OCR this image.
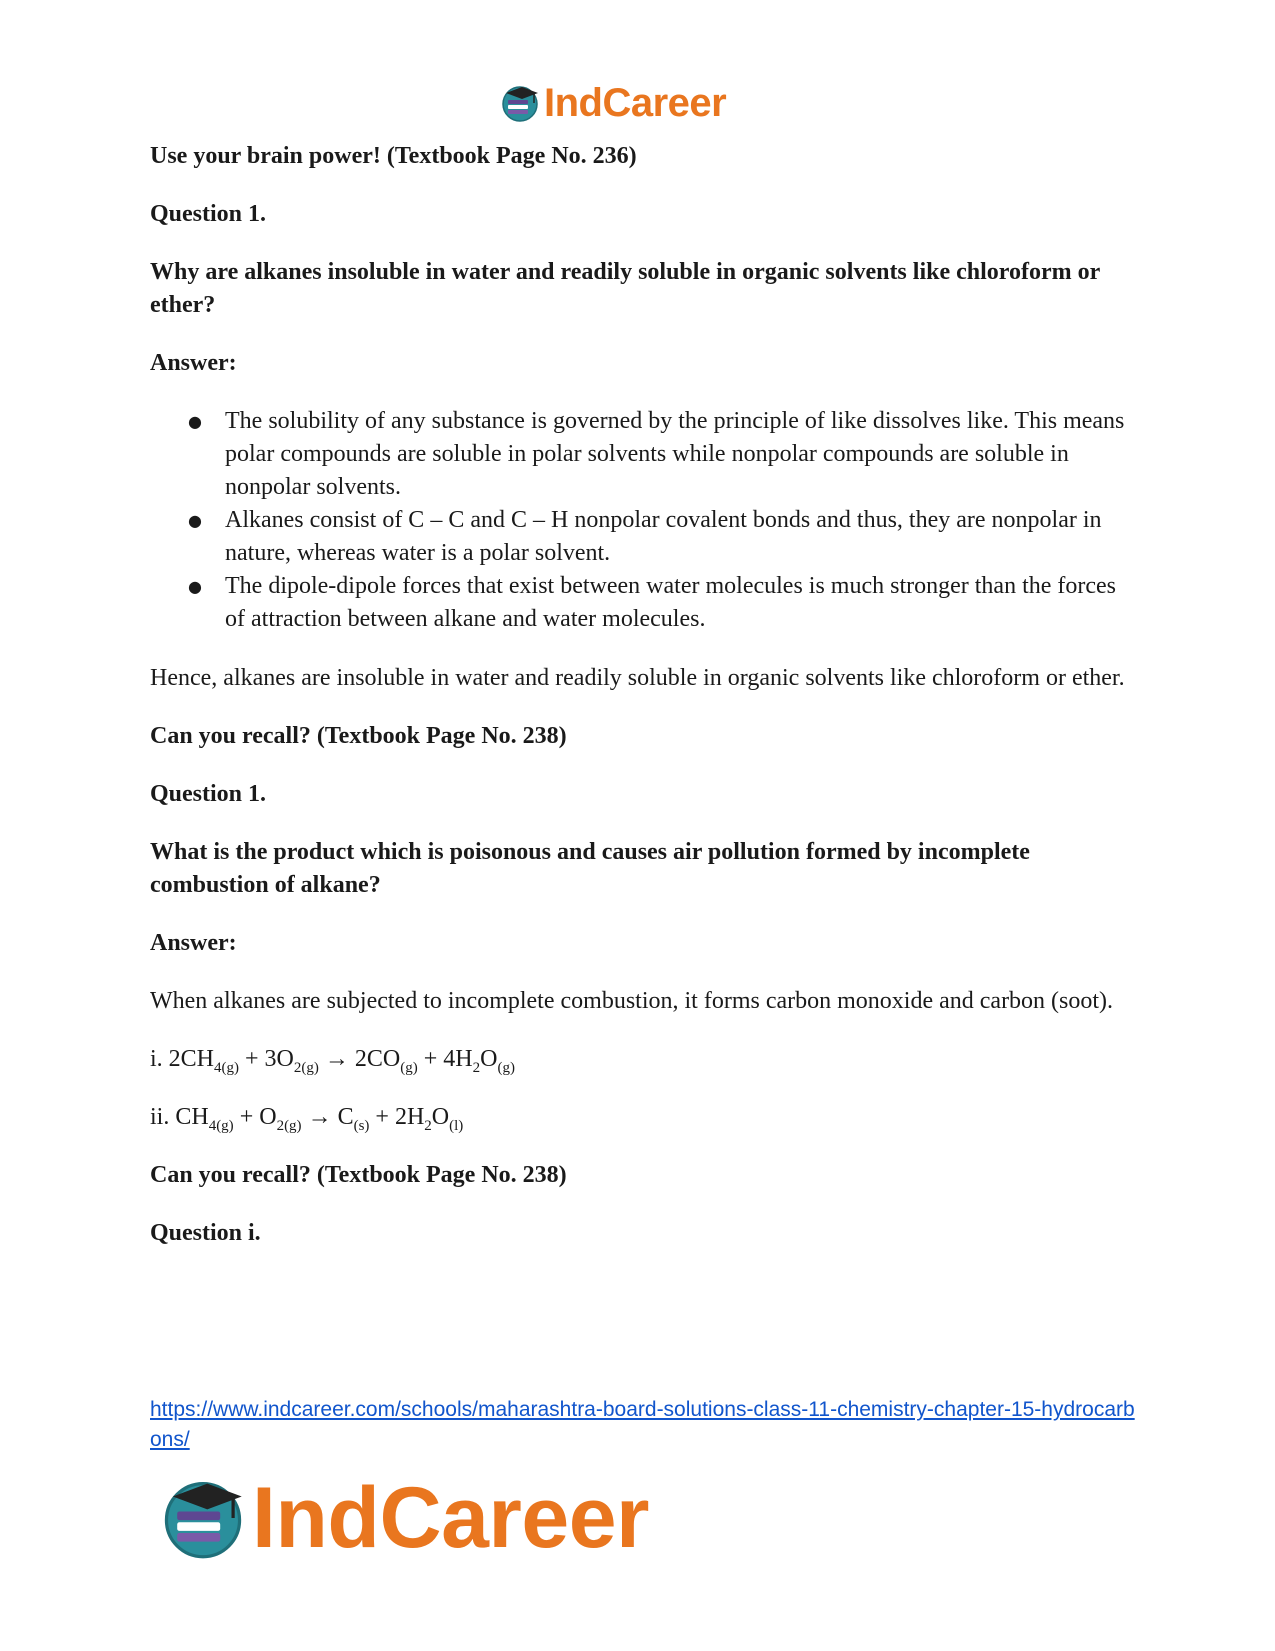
IndCareer

Use your brain power! (Textbook Page No. 236)

Question 1.

Why are alkanes insoluble in water and readily soluble in organic solvents like chloroform or ether?

Answer:

● The solubility of any substance is governed by the principle of like dissolves like. This means polar compounds are soluble in polar solvents while nonpolar compounds are soluble in nonpolar solvents.
● Alkanes consist of C – C and C – H nonpolar covalent bonds and thus, they are nonpolar in nature, whereas water is a polar solvent.
● The dipole-dipole forces that exist between water molecules is much stronger than the forces of attraction between alkane and water molecules.

Hence, alkanes are insoluble in water and readily soluble in organic solvents like chloroform or ether.

Can you recall? (Textbook Page No. 238)

Question 1.

What is the product which is poisonous and causes air pollution formed by incomplete combustion of alkane?

Answer:

When alkanes are subjected to incomplete combustion, it forms carbon monoxide and carbon (soot).

i. $2CH_{4(g)} + 3O_{2(g)} \to 2CO_{(g)} + 4H_2O_{(g)}$

ii. $CH_{4(g)} + O_{2(g)} \to C_{(s)} + 2H_2O_{(l)}$

Can you recall? (Textbook Page No. 238)

Question i.

https://www.indcareer.com/schools/maharashtra-board-solutions-class-11-chemistry-chapter-15-hydrocarbons/
IndCareer
